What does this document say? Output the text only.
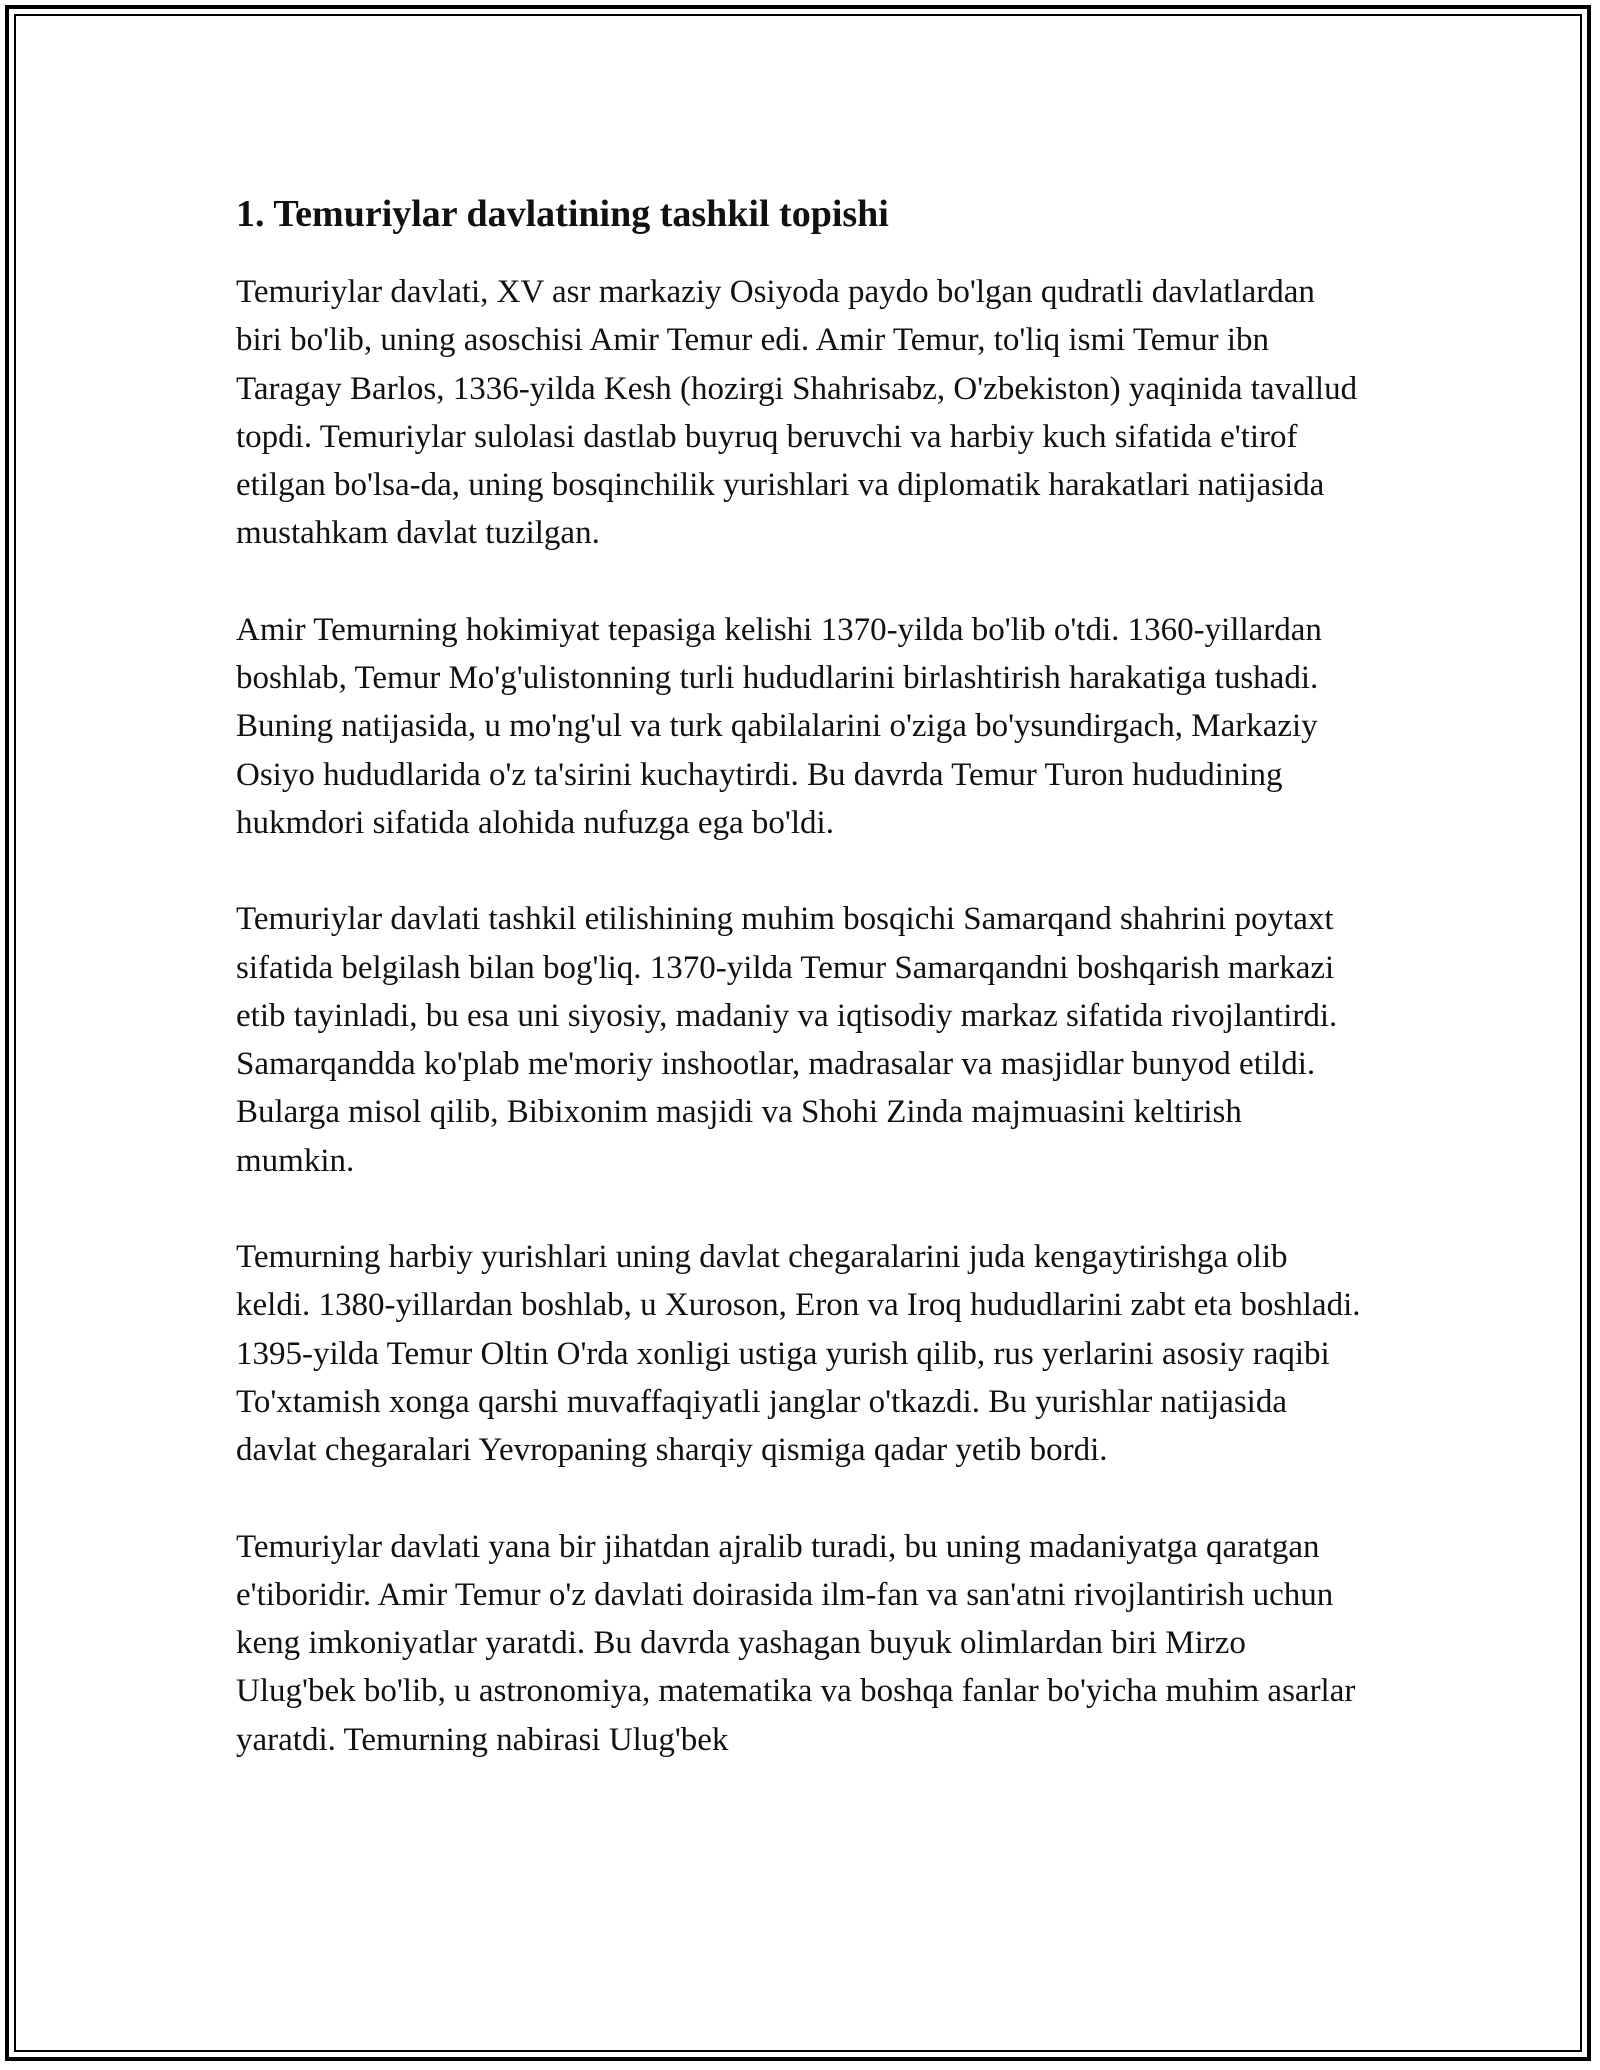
1. Temuriylar davlatining tashkil topishi

Temuriylar davlati, XV asr markaziy Osiyoda paydo bo'lgan qudratli davlatlardan biri bo'lib, uning asoschisi Amir Temur edi. Amir Temur, to'liq ismi Temur ibn Taragay Barlos, 1336-yilda Kesh (hozirgi Shahrisabz, O'zbekiston) yaqinida tavallud topdi. Temuriylar sulolasi dastlab buyruq beruvchi va harbiy kuch sifatida e'tirof etilgan bo'lsa-da, uning bosqinchilik yurishlari va diplomatik harakatlari natijasida mustahkam davlat tuzilgan.

Amir Temurning hokimiyat tepasiga kelishi 1370-yilda bo'lib o'tdi. 1360-yillardan boshlab, Temur Mo'g'ulistonning turli hududlarini birlashtirish harakatiga tushadi. Buning natijasida, u mo'ng'ul va turk qabilalarini o'ziga bo'ysundirgach, Markaziy Osiyo hududlarida o'z ta'sirini kuchaytirdi. Bu davrda Temur Turon hududining hukmdori sifatida alohida nufuzga ega bo'ldi.

Temuriylar davlati tashkil etilishining muhim bosqichi Samarqand shahrini poytaxt sifatida belgilash bilan bog'liq. 1370-yilda Temur Samarqandni boshqarish markazi etib tayinladi, bu esa uni siyosiy, madaniy va iqtisodiy markaz sifatida rivojlantirdi. Samarqandda ko'plab me'moriy inshootlar, madrasalar va masjidlar bunyod etildi. Bularga misol qilib, Bibixonim masjidi va Shohi Zinda majmuasini keltirish mumkin.

Temurning harbiy yurishlari uning davlat chegaralarini juda kengaytirishga olib keldi. 1380-yillardan boshlab, u Xuroson, Eron va Iroq hududlarini zabt eta boshladi. 1395-yilda Temur Oltin O'rda xonligi ustiga yurish qilib, rus yerlarini asosiy raqibi To'xtamish xonga qarshi muvaffaqiyatli janglar o'tkazdi. Bu yurishlar natijasida davlat chegaralari Yevropaning sharqiy qismiga qadar yetib bordi.

Temuriylar davlati yana bir jihatdan ajralib turadi, bu uning madaniyatga qaratgan e'tiboridir. Amir Temur o'z davlati doirasida ilm-fan va san'atni rivojlantirish uchun keng imkoniyatlar yaratdi. Bu davrda yashagan buyuk olimlardan biri Mirzo Ulug'bek bo'lib, u astronomiya, matematika va boshqa fanlar bo'yicha muhim asarlar yaratdi. Temurning nabirasi Ulug'bek
